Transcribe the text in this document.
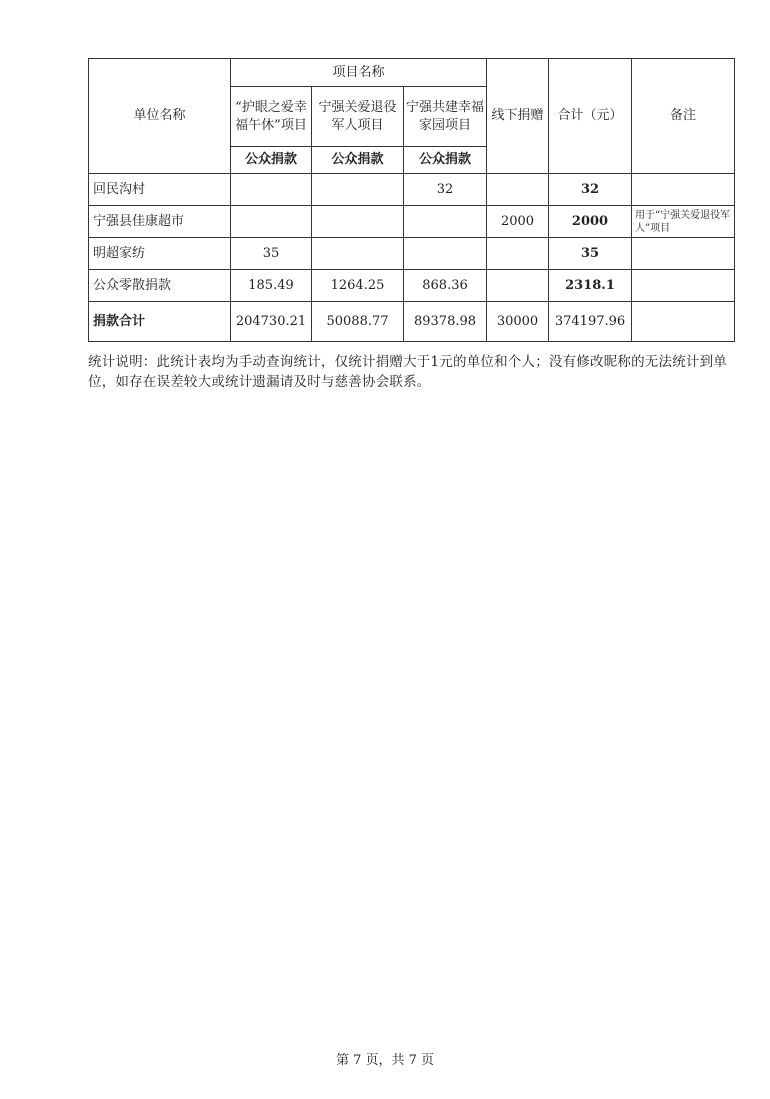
单位名称	项目名称			线下捐赠	合计（元）	备注
	“护眼之爱幸福午休”项目	宁强关爱退役军人项目	宁强共建幸福家园项目			
	公众捐款	公众捐款	公众捐款			
回民沟村			32		32	
宁强县佳康超市				2000	2000	用于“宁强关爱退役军人”项目
明超家纺	35				35	
公众零散捐款	185.49	1264.25	868.36		2318.1	
捐款合计	204730.21	50088.77	89378.98	30000	374197.96	
统计说明：此统计表均为手动查询统计，仅统计捐赠大于1元的单位和个人；没有修改昵称的无法统计到单位，如存在误差较大或统计遗漏请及时与慈善协会联系。
第 7 页，共 7 页
